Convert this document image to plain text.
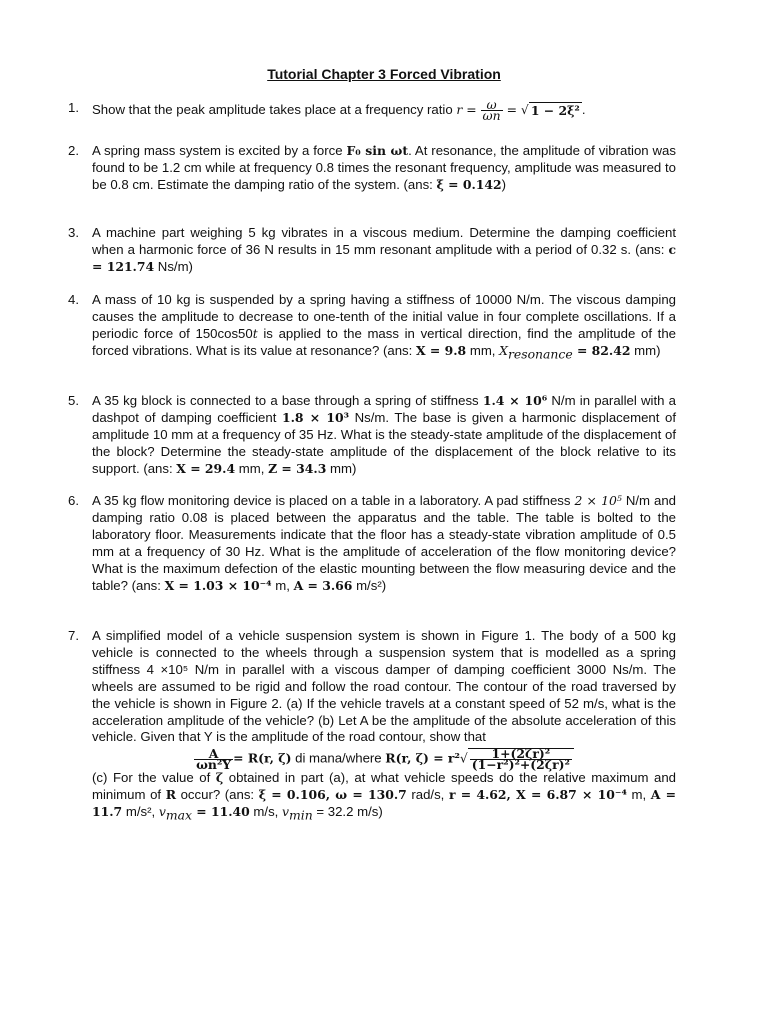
Tutorial Chapter 3 Forced Vibration
1. Show that the peak amplitude takes place at a frequency ratio $r = \frac{\omega}{\omega n}$ = √ 1 − 2ξ² .
2. A spring mass system is excited by a force F₀ sin ωt. At resonance, the amplitude of vibration was found to be 1.2 cm while at frequency 0.8 times the resonant frequency, amplitude was measured to be 0.8 cm. Estimate the damping ratio of the system. (ans: ξ = 0.142)
3. A machine part weighing 5 kg vibrates in a viscous medium. Determine the damping coefficient when a harmonic force of 36 N results in 15 mm resonant amplitude with a period of 0.32 s. (ans: c = 121.74 Ns/m)
4. A mass of 10 kg is suspended by a spring having a stiffness of 10000 N/m. The viscous damping causes the amplitude to decrease to one-tenth of the initial value in four complete oscillations. If a periodic force of 150cos50t is applied to the mass in vertical direction, find the amplitude of the forced vibrations. What is its value at resonance? (ans: X = 9.8 mm, $X_{resonance} = 82.42$ mm)
5. A 35 kg block is connected to a base through a spring of stiffness 1.4 × 10⁶ N/m in parallel with a dashpot of damping coefficient 1.8 × 10³ Ns/m. The base is given a harmonic displacement of amplitude 10 mm at a frequency of 35 Hz. What is the steady-state amplitude of the displacement of the block? Determine the steady-state amplitude of the displacement of the block relative to its support. (ans: X = 29.4 mm, Z = 34.3 mm)
6. A 35 kg flow monitoring device is placed on a table in a laboratory. A pad stiffness 2 × 10⁵ N/m and damping ratio 0.08 is placed between the apparatus and the table. The table is bolted to the laboratory floor. Measurements indicate that the floor has a steady-state vibration amplitude of 0.5 mm at a frequency of 30 Hz. What is the amplitude of acceleration of the flow monitoring device? What is the maximum defection of the elastic mounting between the flow measuring device and the table? (ans: X = 1.03 × 10⁻⁴ m, A = 3.66 m/s²)
7. A simplified model of a vehicle suspension system is shown in Figure 1. The body of a 500 kg vehicle is connected to the wheels through a suspension system that is modelled as a spring stiffness 4 ×10⁵ N/m in parallel with a viscous damper of damping coefficient 3000 Ns/m. The wheels are assumed to be rigid and follow the road contour. The contour of the road traversed by the vehicle is shown in Figure 2. (a) If the vehicle travels at a constant speed of 52 m/s, what is the acceleration amplitude of the vehicle? (b) Let A be the amplitude of the absolute acceleration of this vehicle. Given that Y is the amplitude of the road contour, show that
$\frac{A}{\text{ωn²Y}} = R(r$, ζ) di mana/where R(r, $\zeta) = r^2√ \frac{\text{1+(2ζr)²}}{\text{(1−r²)²+(2ζr)²}}$
(c) For the value of ζ obtained in part (a), at what vehicle speeds do the relative maximum and minimum of R occur? (ans: ξ = 0.106, ω = 130.7 rad/s, r = 4.62, X = 6.87 × 10⁻⁴ m, A = 11.7 m/s², $v_{max} = 11.40$ m/s, $v_{min} = 32.2$ m/s)
